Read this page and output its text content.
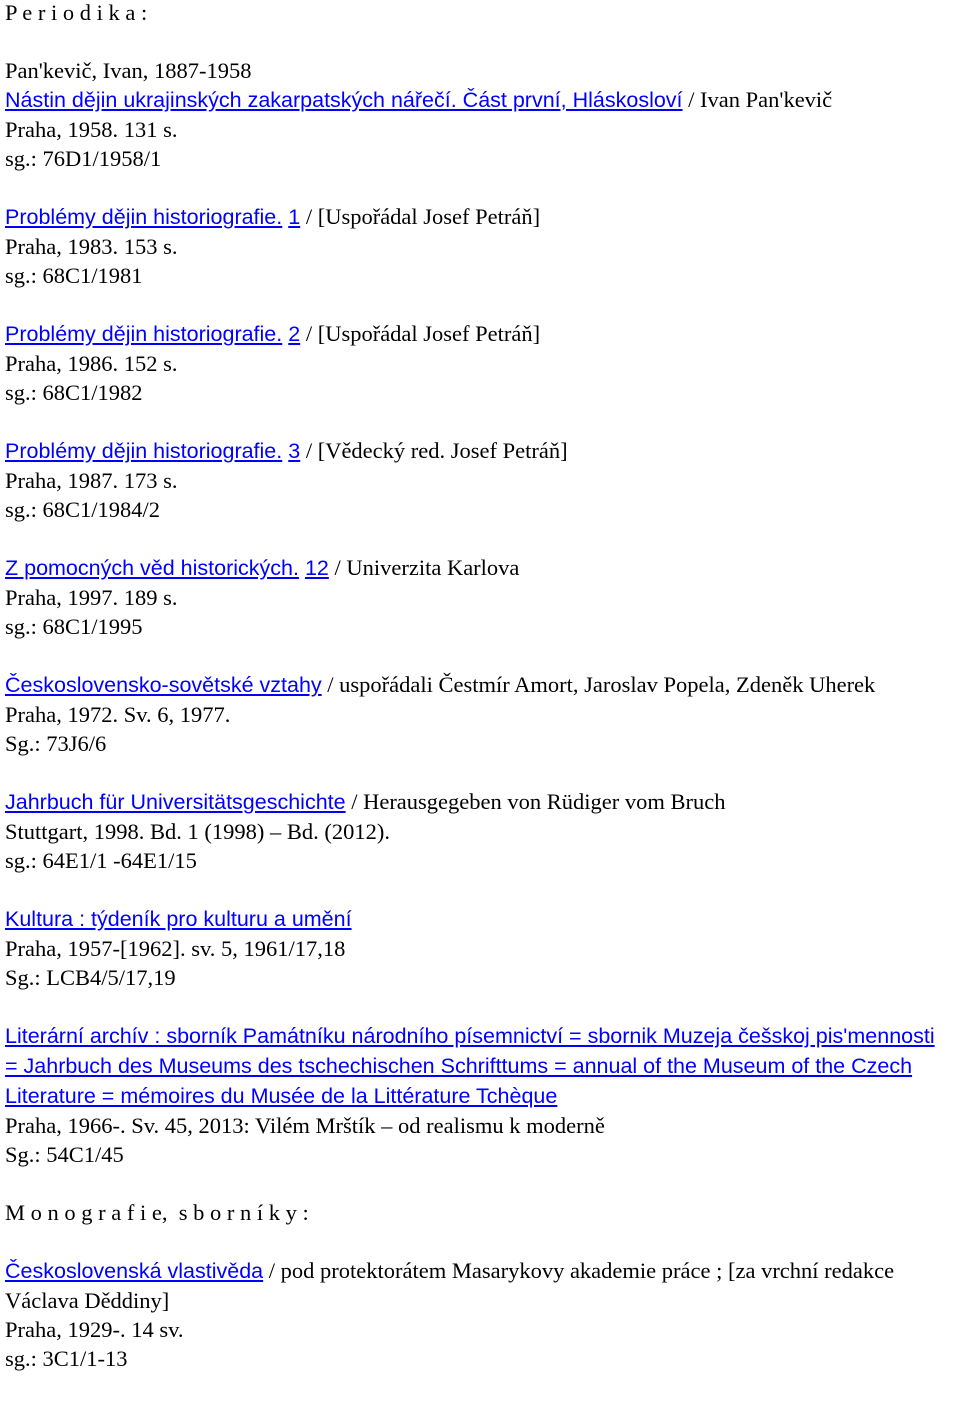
P e r i o d i k a :

Pan'kevič, Ivan, 1887-1958

Nástin dějin ukrajinských zakarpatských nářečí. Část první, Hláskosloví / Ivan Pan'kevič

Praha, 1958. 131 s.

sg.: 76D1/1958/1

Problémy dějin historiografie. 1 / [Uspořádal Josef Petráň]

Praha, 1983. 153 s.

sg.: 68C1/1981

Problémy dějin historiografie. 2 / [Uspořádal Josef Petráň]

Praha, 1986. 152 s.

sg.: 68C1/1982

Problémy dějin historiografie. 3 / [Vědecký red. Josef Petráň]

Praha, 1987. 173 s.

sg.: 68C1/1984/2

Z pomocných věd historických. 12 / Univerzita Karlova

Praha, 1997. 189 s.

sg.: 68C1/1995

Československo-sovětské vztahy / uspořádali Čestmír Amort, Jaroslav Popela, Zdeněk Uherek

Praha, 1972. Sv. 6, 1977.

Sg.: 73J6/6

Jahrbuch für Universitätsgeschichte / Herausgegeben von Rüdiger vom Bruch

Stuttgart, 1998. Bd. 1 (1998) – Bd. (2012).

sg.: 64E1/1 -64E1/15

Kultura : týdeník pro kulturu a umění

Praha, 1957-[1962]. sv. 5, 1961/17,18

Sg.: LCB4/5/17,19

Literární archív : sborník Památníku národního písemnictví = sbornik Muzeja češskoj pis'mennosti = Jahrbuch des Museums des tschechischen Schrifttums = annual of the Museum of the Czech Literature = mémoires du Musée de la Littérature Tchèque

Praha, 1966-. Sv. 45, 2013: Vilém Mrštík – od realismu k moderně

Sg.: 54C1/45

M o n o g r a f i e,  s b o r n í k y :

Československá vlastivěda / pod protektorátem Masarykovy akademie práce ; [za vrchní redakce Václava Děddiny]

Praha, 1929-. 14 sv.

sg.: 3C1/1-13
